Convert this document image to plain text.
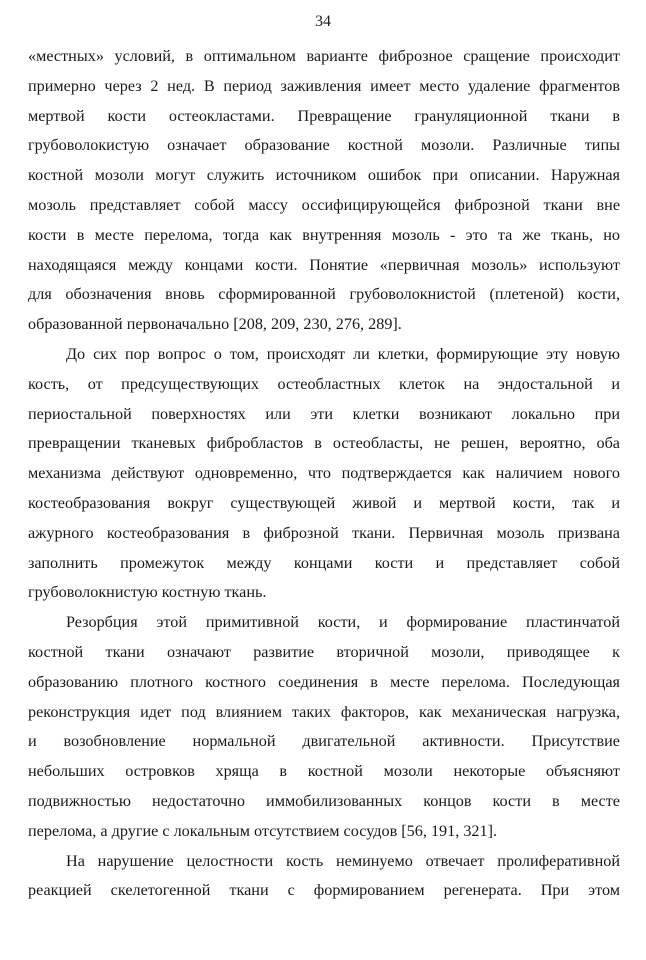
34
«местных» условий, в оптимальном варианте фиброзное сращение происходит
примерно через 2 нед. В период заживления имеет место удаление фрагментов
мертвой кости остеокластами. Превращение грануляционной ткани в
грубоволокистую означает образование костной мозоли. Различные типы
костной мозоли могут служить источником ошибок при описании. Наружная
мозоль представляет собой массу оссифицирующейся фиброзной ткани вне
кости в месте перелома, тогда как внутренняя мозоль - это та же ткань, но
находящаяся между концами кости. Понятие «первичная мозоль» используют
для обозначения вновь сформированной грубоволокнистой (плетеной) кости,
образованной первоначально [208, 209, 230, 276, 289].
До сих пор вопрос о том, происходят ли клетки, формирующие эту новую
кость, от предсуществующих остеобластных клеток на эндостальной и
периостальной поверхностях или эти клетки возникают локально при
превращении тканевых фибробластов в остеобласты, не решен, вероятно, оба
механизма действуют одновременно, что подтверждается как наличием нового
костеобразования вокруг существующей живой и мертвой кости, так и
ажурного костеобразования в фиброзной ткани. Первичная мозоль призвана
заполнить промежуток между концами кости и представляет собой
грубоволокнистую костную ткань.
Резорбция этой примитивной кости, и формирование пластинчатой
костной ткани означают развитие вторичной мозоли, приводящее к
образованию плотного костного соединения в месте перелома. Последующая
реконструкция идет под влиянием таких факторов, как механическая нагрузка,
и возобновление нормальной двигательной активности. Присутствие
небольших островков хряща в костной мозоли некоторые объясняют
подвижностью недостаточно иммобилизованных концов кости в месте
перелома, а другие с локальным отсутствием сосудов [56, 191, 321].
На нарушение целостности кость неминуемо отвечает пролиферативной
реакцией скелетогенной ткани с формированием регенерата. При этом
